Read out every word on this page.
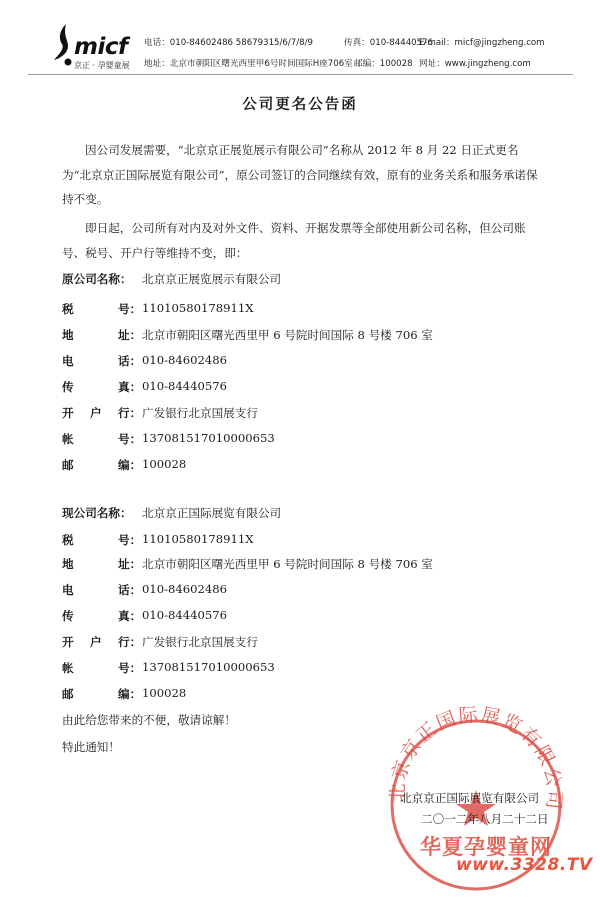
micf
京正 · 孕婴童展
电话：010-84602486 58679315/6/7/8/9	传真：010-84440576
E-mail：micf@jingzheng.com
地址：北京市朝阳区曙光西里甲6号时间国际H座706室 邮编：100028 网址：www.jingzheng.com
公司更名公告函
因公司发展需要，“北京京正展览展示有限公司”名称从 2012 年 8 月 22 日正式更名为“北京京正国际展览有限公司”，原公司签订的合同继续有效，原有的业务关系和服务承诺保持不变。
即日起，公司所有对内及对外文件、资料、开据发票等全部使用新公司名称，但公司账号、税号、开户行等维持不变，即：
原公司名称： 北京京正展览展示有限公司
税	号： 11010580178911X
地	址： 北京市朝阳区曙光西里甲 6 号院时间国际 8 号楼 706 室
电	话： 010-84602486
传	真： 010-84440576
开 户 行： 广发银行北京国展支行
帐	号： 137081517010000653
邮	编： 100028
现公司名称： 北京京正国际展览有限公司
税	号： 11010580178911X
地	址： 北京市朝阳区曙光西里甲 6 号院时间国际 8 号楼 706 室
电	话： 010-84602486
传	真： 010-84440576
开 户 行： 广发银行北京国展支行
帐	号： 137081517010000653
邮	编： 100028
由此给您带来的不便，敬请谅解！
特此通知！
北京京正国际展览有限公司
北京京正国际展览有限公司
二〇一二年八月二十二日
华夏孕婴童网
www.3328.TV
